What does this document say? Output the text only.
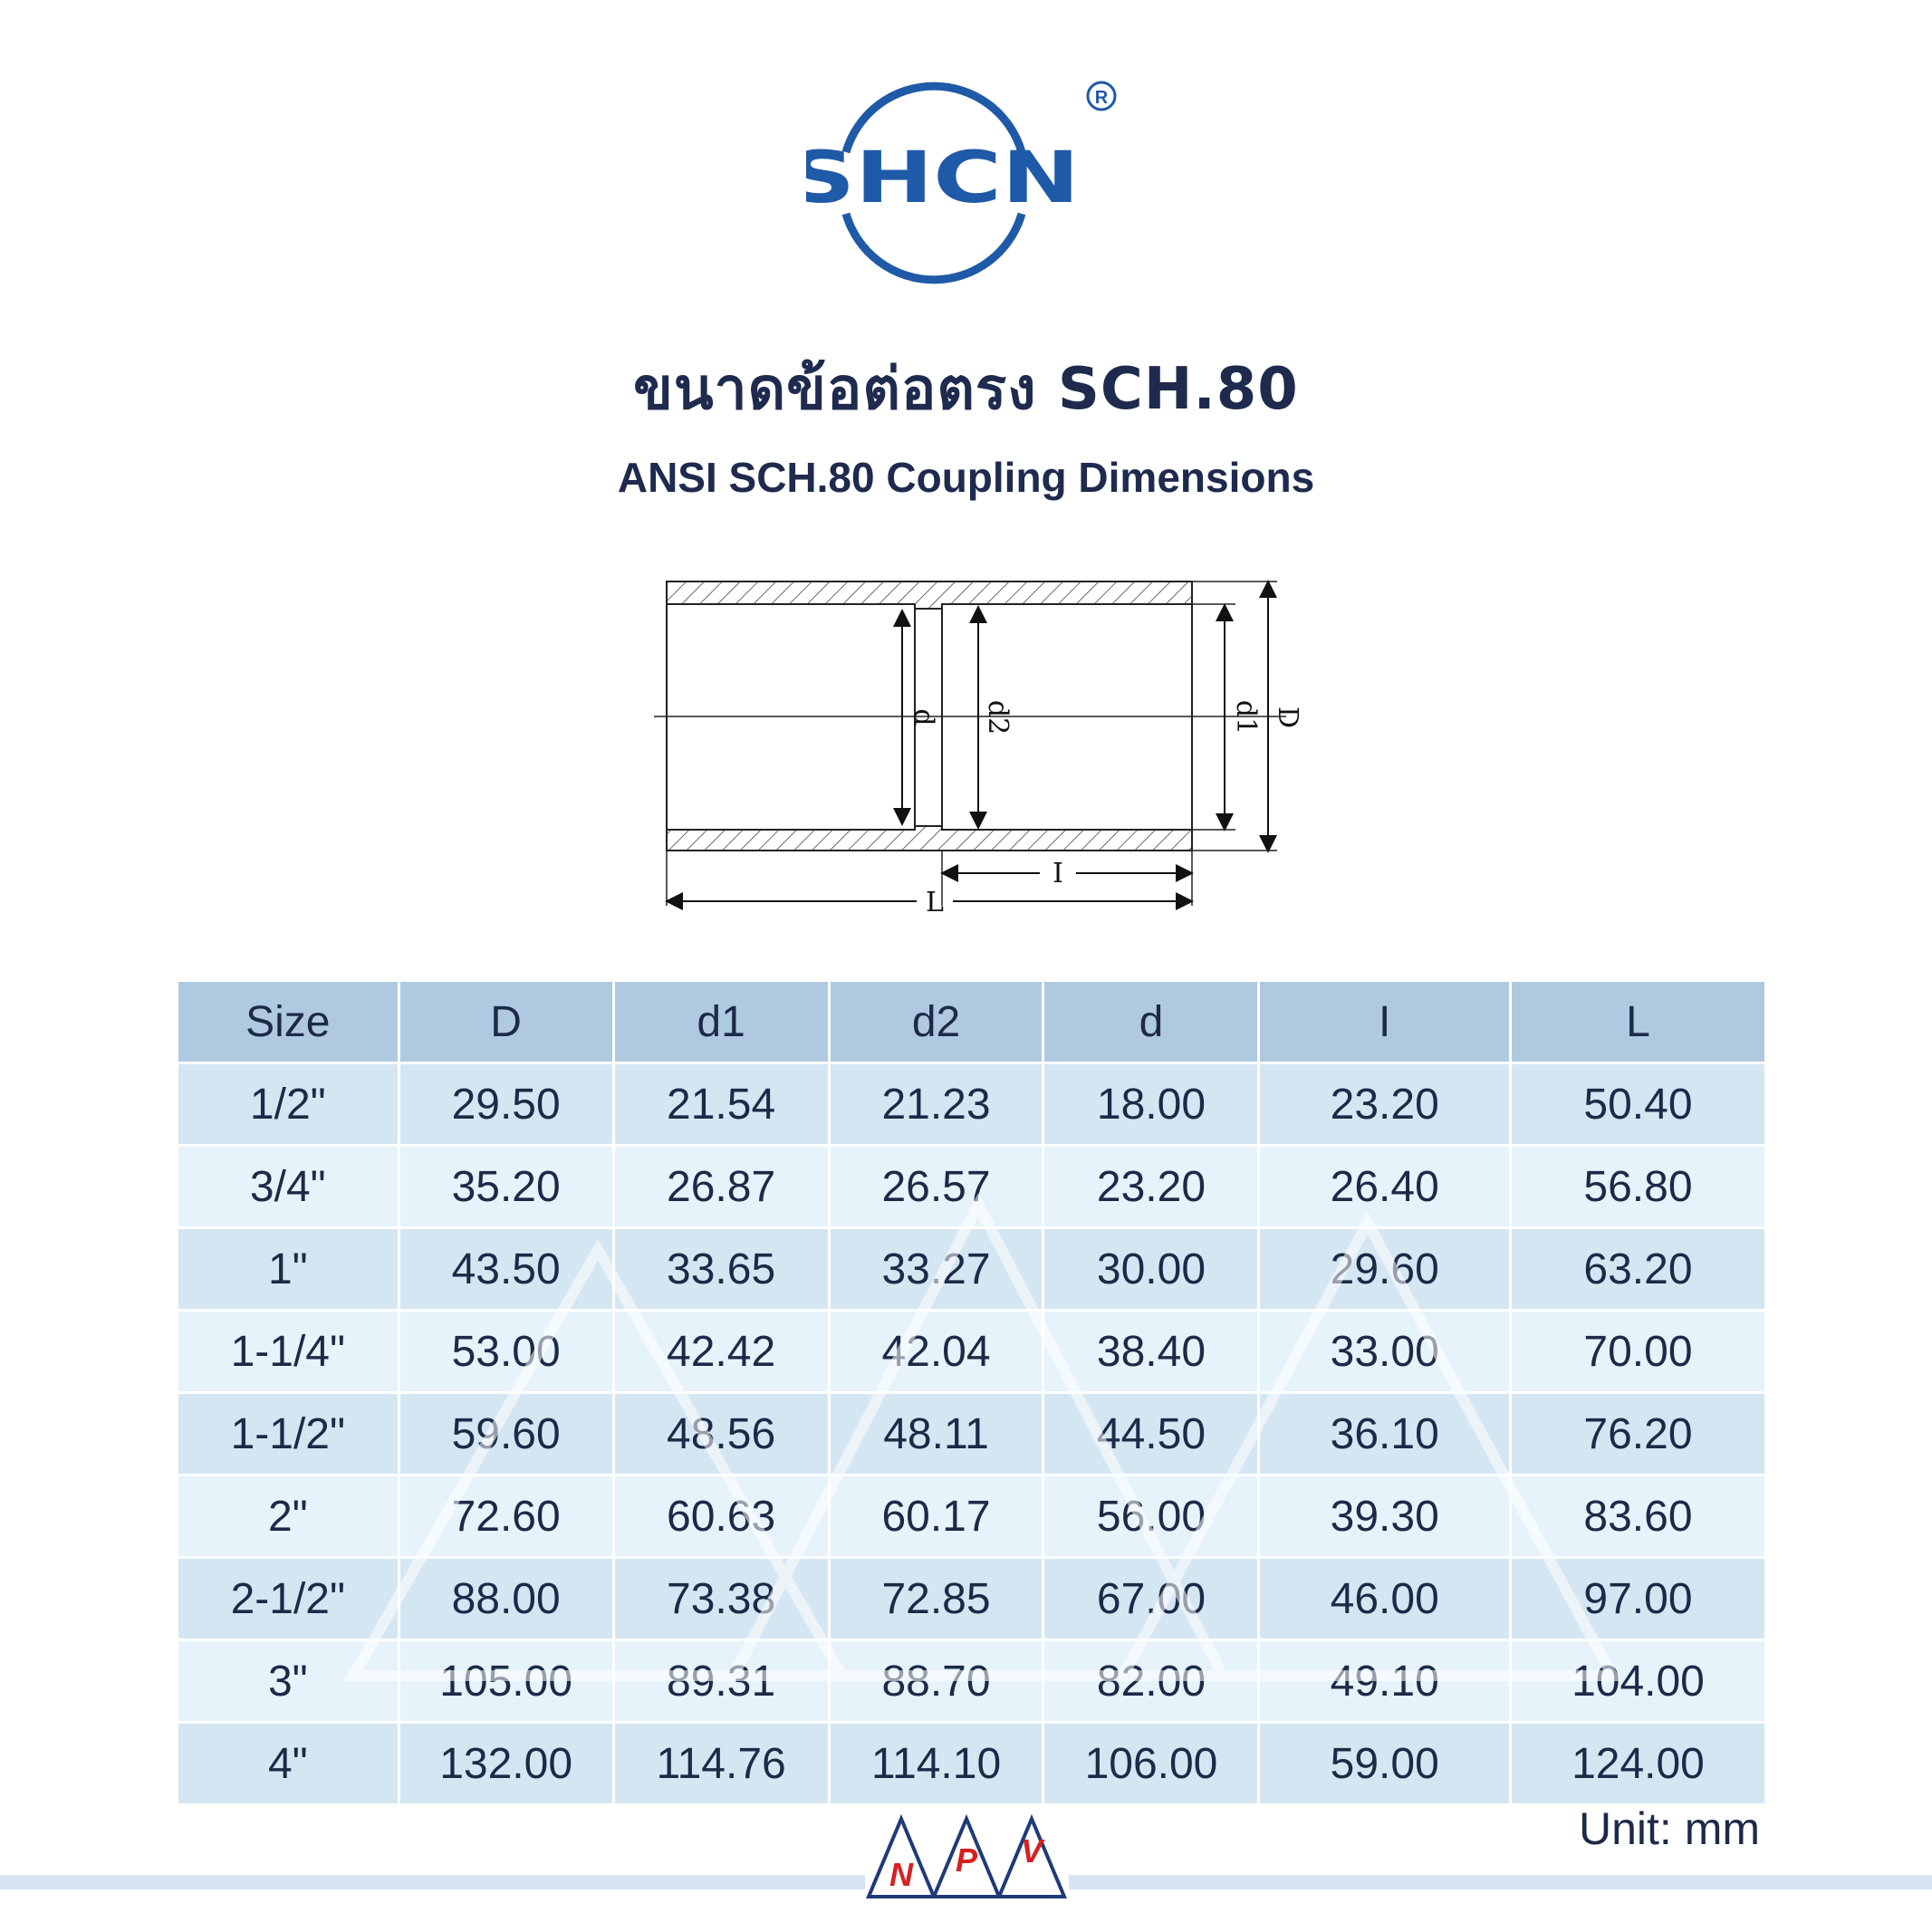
R
SHCN
ขนาดข้อต่อตรง SCH.80
ANSI SCH.80 Coupling Dimensions
d d2	d1 D
I
L
Size	D	d1	d2	d	I	L
1/2"	29.50	21.54	21.23	18.00	23.20	50.40
3/4"	35.20	26.87	26.57	23.20	26.40	56.80
1"	43.50	33.65	33.27	30.00	29.60	63.20
1-1/4"	53.00	42.42	42.04	38.40	33.00	70.00
1-1/2"	59.60	48.56	48.11	44.50	36.10	76.20
2"	72.60	60.63	60.17	56.00	39.30	83.60
2-1/2"	88.00	73.38	72.85	67.00	46.00	97.00
3"	105.00	89.31	88.70	82.00	49.10	104.00
4"	132.00	114.76	114.10	106.00	59.00	124.00
Unit: mm
N P V
